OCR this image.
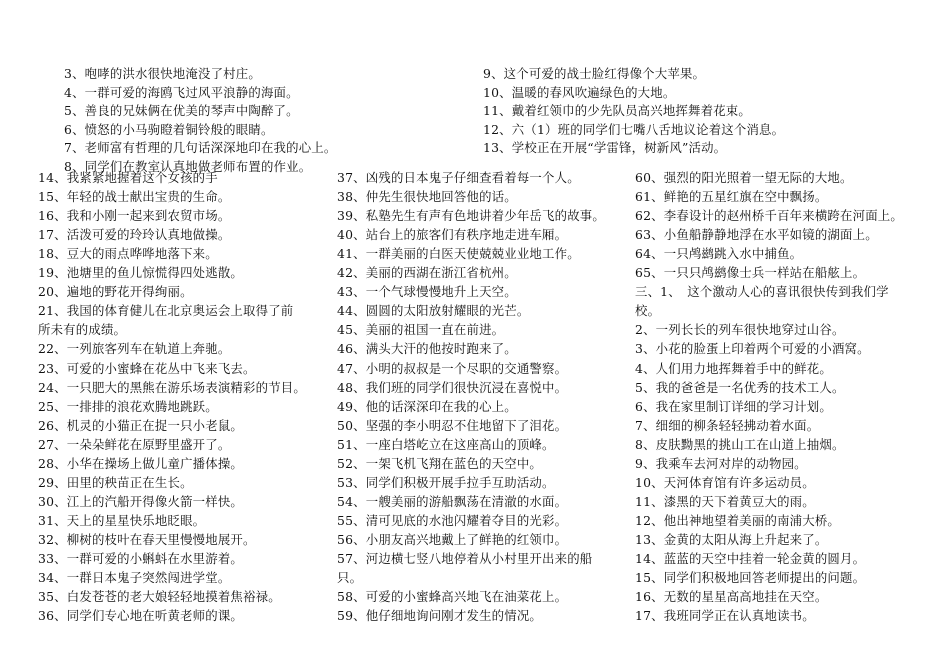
3、咆哮的洪水很快地淹没了村庄。
4、一群可爱的海鸥飞过风平浪静的海面。
5、善良的兄妹俩在优美的琴声中陶醉了。
6、愤怒的小马驹瞪着铜铃般的眼睛。
7、老师富有哲理的几句话深深地印在我的心上。
8、同学们在教室认真地做老师布置的作业。
9、这个可爱的战士脸红得像个大苹果。
10、温暖的春风吹遍绿色的大地。
11、戴着红领巾的少先队员高兴地挥舞着花束。
12、六（1）班的同学们七嘴八舌地议论着这个消息。
13、学校正在开展“学雷锋，树新风”活动。
14、我紧紧地握着这个女孩的手
15、年轻的战士献出宝贵的生命。
16、我和小刚一起来到农贸市场。
17、活泼可爱的玲玲认真地做操。
18、豆大的雨点哗哗地落下来。
19、池塘里的鱼儿惊慌得四处逃散。
20、遍地的野花开得绚丽。
21、我国的体育健儿在北京奥运会上取得了前
所未有的成绩。
22、一列旅客列车在轨道上奔驰。
23、可爱的小蜜蜂在花丛中飞来飞去。
24、一只肥大的黑熊在游乐场表演精彩的节目。
25、一排排的浪花欢腾地跳跃。
26、机灵的小猫正在捉一只小老鼠。
27、一朵朵鲜花在原野里盛开了。
28、小华在操场上做儿童广播体操。
29、田里的秧苗正在生长。
30、江上的汽船开得像火箭一样快。
31、天上的星星快乐地眨眼。
32、柳树的枝叶在春天里慢慢地展开。
33、一群可爱的小蝌蚪在水里游着。
34、一群日本鬼子突然闯进学堂。
35、白发苍苍的老大娘轻轻地摸着焦裕禄。
36、同学们专心地在听黄老师的课。
37、凶残的日本鬼子仔细查看着每一个人。
38、仲先生很快地回答他的话。
39、私塾先生有声有色地讲着少年岳飞的故事。
40、站台上的旅客们有秩序地走进车厢。
41、一群美丽的白医天使兢兢业业地工作。
42、美丽的西湖在浙江省杭州。
43、一个气球慢慢地升上天空。
44、圆圆的太阳放射耀眼的光芒。
45、美丽的祖国一直在前进。
46、满头大汗的他按时跑来了。
47、小明的叔叔是一个尽职的交通警察。
48、我们班的同学们很快沉浸在喜悦中。
49、他的话深深印在我的心上。
50、坚强的李小明忍不住地留下了泪花。
51、一座白塔屹立在这座高山的顶峰。
52、一架飞机飞翔在蓝色的天空中。
53、同学们积极开展手拉手互助活动。
54、一艘美丽的游船飘荡在清澈的水面。
55、清可见底的水池闪耀着夺目的光彩。
56、小朋友高兴地戴上了鲜艳的红领巾。
57、河边横七竖八地停着从小村里开出来的船
只。
58、可爱的小蜜蜂高兴地飞在油菜花上。
59、他仔细地询问刚才发生的情况。
60、强烈的阳光照着一望无际的大地。
61、鲜艳的五星红旗在空中飘扬。
62、李春设计的赵州桥千百年来横跨在河面上。
63、小鱼船静静地浮在水平如镜的湖面上。
64、一只鸬鹚跳入水中捕鱼。
65、一只只鸬鹚像士兵一样站在船舷上。
三、1、　这个激动人心的喜讯很快传到我们学
校。
2、一列长长的列车很快地穿过山谷。
3、小花的脸蛋上印着两个可爱的小酒窝。
4、人们用力地挥舞着手中的鲜花。
5、我的爸爸是一名优秀的技术工人。
6、我在家里制订详细的学习计划。
7、细细的柳条轻轻拂动着水面。
8、皮肤黝黑的挑山工在山道上抽烟。
9、我乘车去河对岸的动物园。
10、天河体育馆有许多运动员。
11、漆黑的天下着黄豆大的雨。
12、他出神地望着美丽的南浦大桥。
13、金黄的太阳从海上升起来了。
14、蓝蓝的天空中挂着一轮金黄的圆月。
15、同学们积极地回答老师提出的问题。
16、无数的星星高高地挂在天空。
17、我班同学正在认真地读书。
